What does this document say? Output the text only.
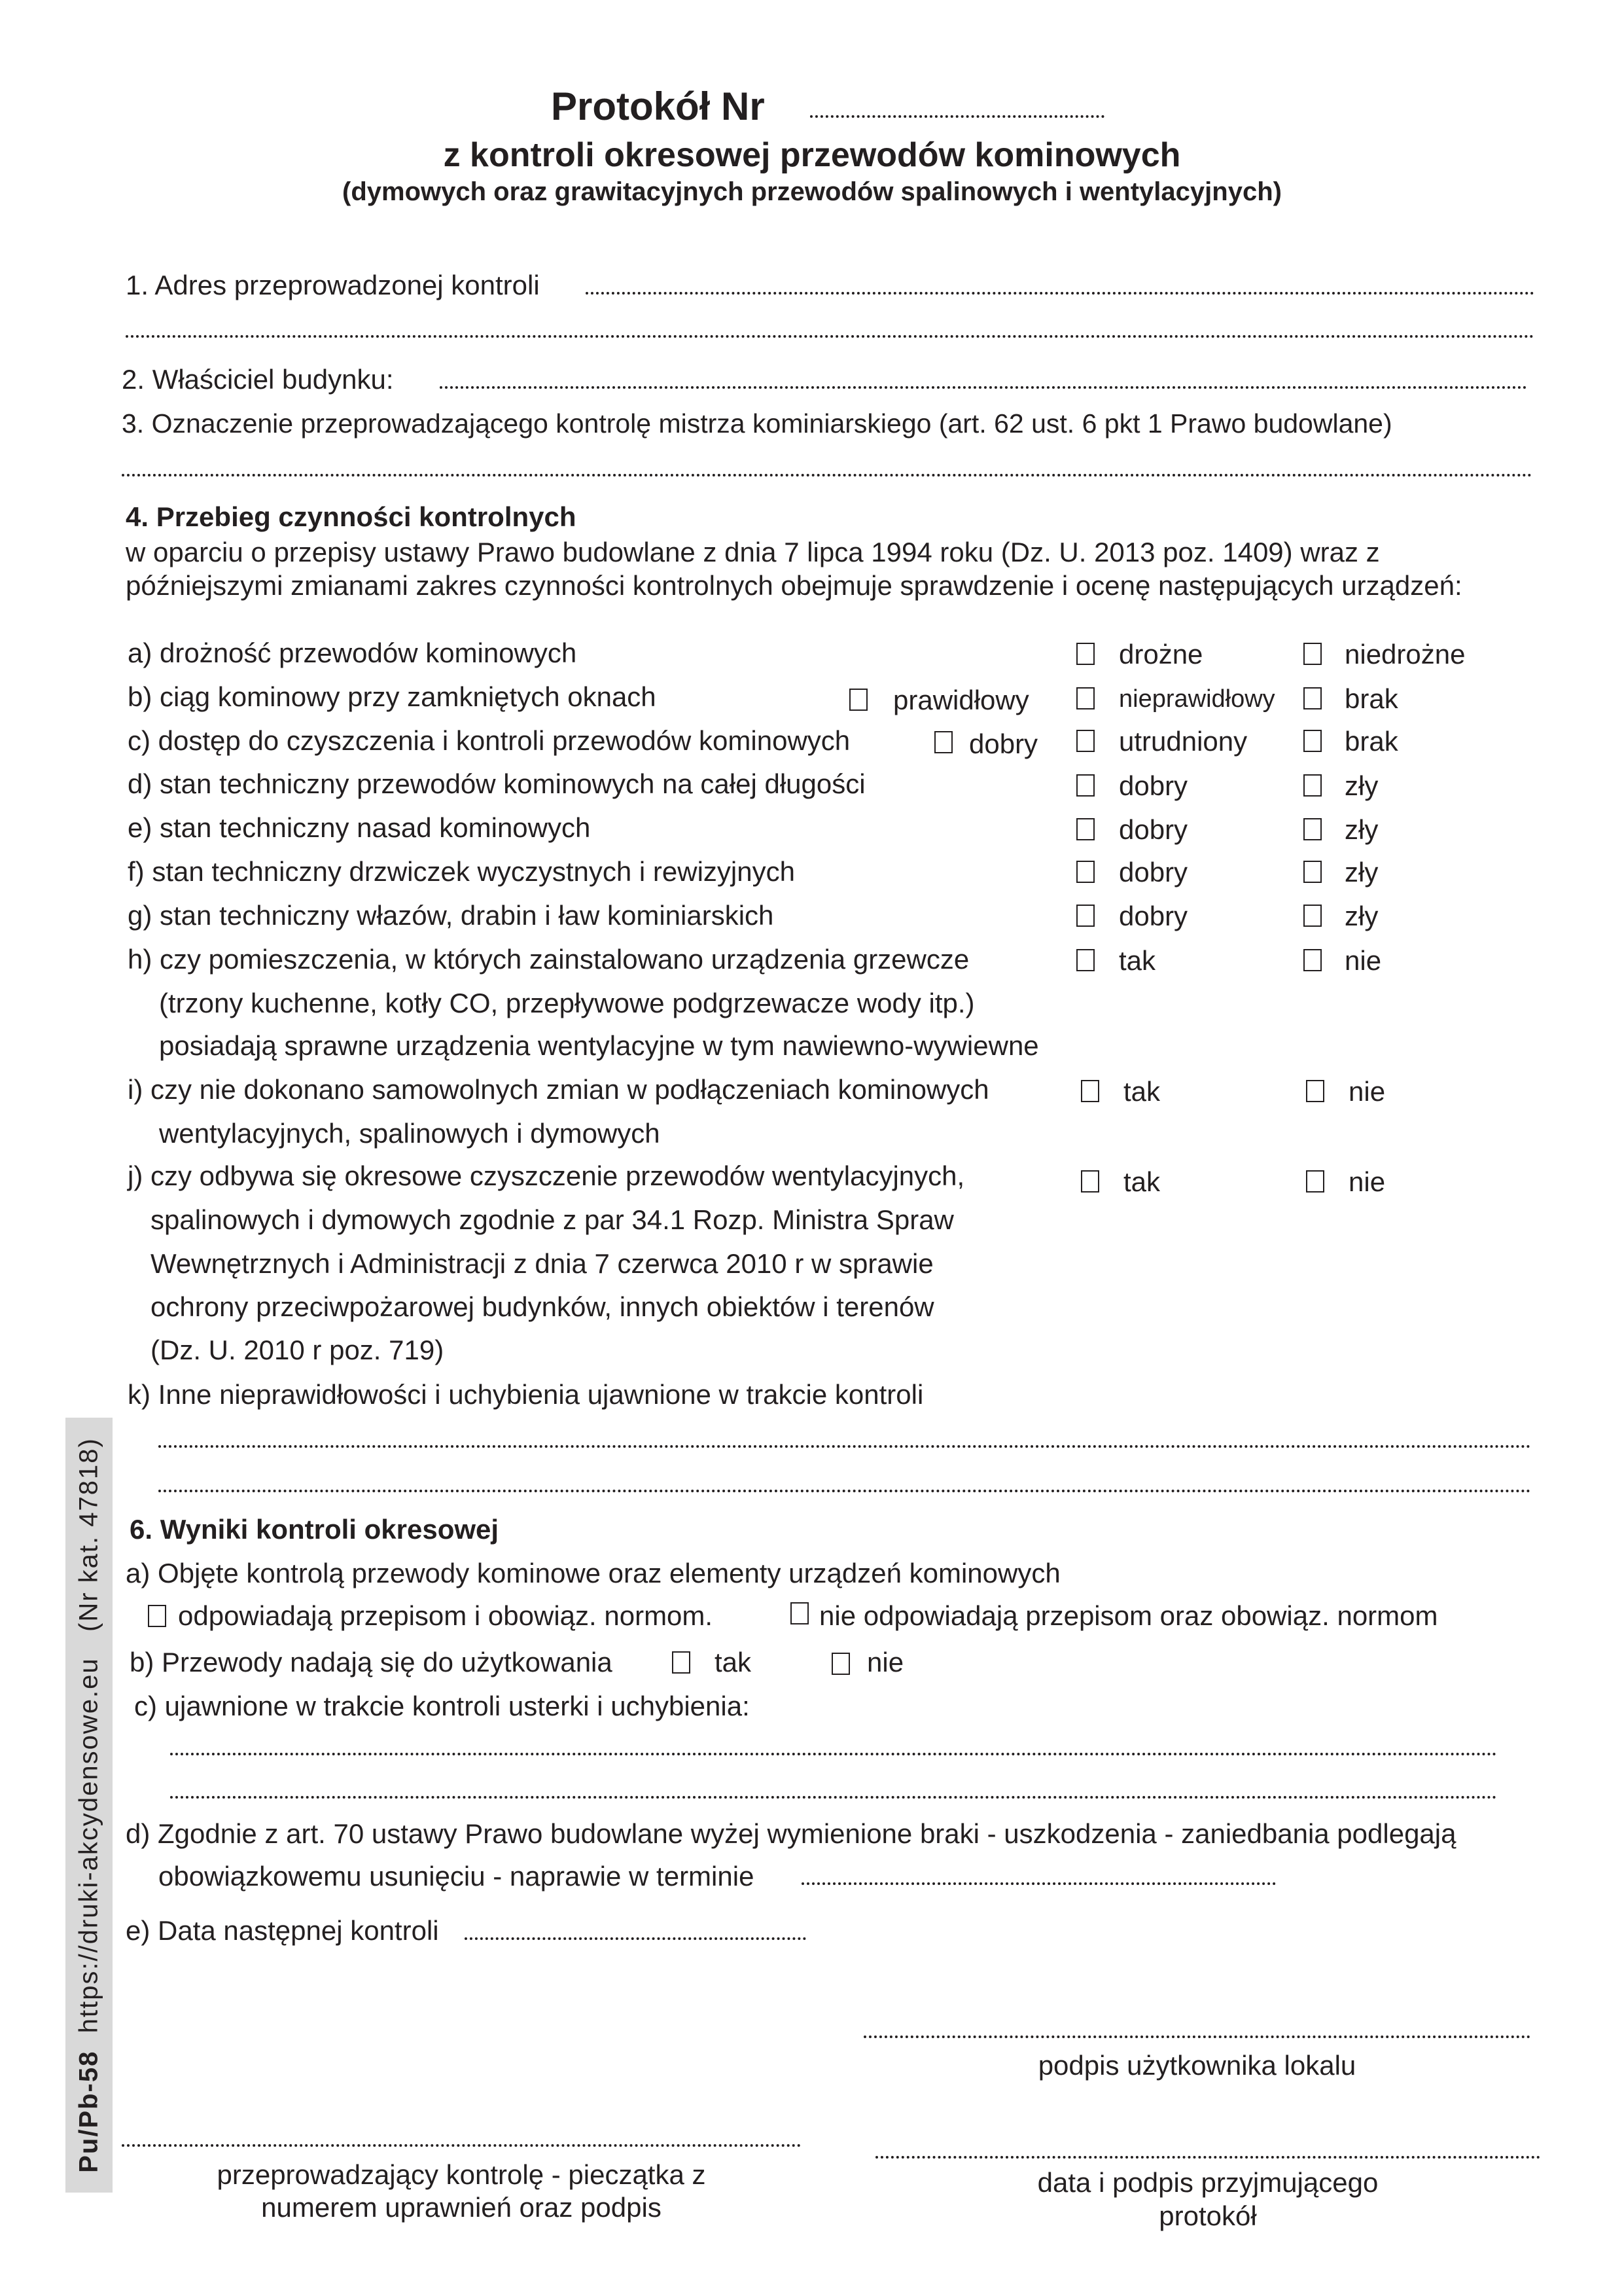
Protokół Nr
z kontroli okresowej przewodów kominowych
(dymowych oraz grawitacyjnych przewodów spalinowych i wentylacyjnych)
1. Adres przeprowadzonej kontroli
2. Właściciel budynku:
3. Oznaczenie przeprowadzającego kontrolę mistrza kominiarskiego (art. 62 ust. 6 pkt 1 Prawo budowlane)
4. Przebieg czynności kontrolnych
w oparciu o przepisy ustawy Prawo budowlane z dnia 7 lipca 1994 roku (Dz. U. 2013 poz. 1409) wraz z
późniejszymi zmianami zakres czynności kontrolnych obejmuje sprawdzenie i ocenę następujących urządzeń:
a) drożność przewodów kominowych	drożne	niedrożne
b) ciąg kominowy przy zamkniętych oknach	prawidłowy	nieprawidłowy	brak
c) dostęp do czyszczenia i kontroli przewodów kominowych	dobry	utrudniony	brak
d) stan techniczny przewodów kominowych na całej długości	dobry	zły
e) stan techniczny nasad kominowych	dobry	zły
f) stan techniczny drzwiczek wyczystnych i rewizyjnych	dobry	zły
g) stan techniczny włazów, drabin i ław kominiarskich	dobry	zły
h) czy pomieszczenia, w których zainstalowano urządzenia grzewcze
(trzony kuchenne, kotły CO, przepływowe podgrzewacze wody itp.)
posiadają sprawne urządzenia wentylacyjne w tym nawiewno-wywiewne
tak	nie
i) czy nie dokonano samowolnych zmian w podłączeniach kominowych
wentylacyjnych, spalinowych i dymowych
tak	nie
j) czy odbywa się okresowe czyszczenie przewodów wentylacyjnych,
spalinowych i dymowych zgodnie z par 34.1 Rozp. Ministra Spraw
Wewnętrznych i Administracji z dnia 7 czerwca 2010 r w sprawie
ochrony przeciwpożarowej budynków, innych obiektów i terenów
(Dz. U. 2010 r poz. 719)
tak	nie
k) Inne nieprawidłowości i uchybienia ujawnione w trakcie kontroli
6. Wyniki kontroli okresowej
a) Objęte kontrolą przewody kominowe oraz elementy urządzeń kominowych
odpowiadają przepisom i obowiąz. normom.	nie odpowiadają przepisom oraz obowiąz. normom
b) Przewody nadają się do użytkowania	tak	nie
c) ujawnione w trakcie kontroli usterki i uchybienia:
d) Zgodnie z art. 70 ustawy Prawo budowlane wyżej wymienione braki - uszkodzenia - zaniedbania podlegają
obowiązkowemu usunięciu - naprawie w terminie
e) Data następnej kontroli
podpis użytkownika lokalu
przeprowadzający kontrolę - pieczątka z
numerem uprawnień oraz podpis
data i podpis przyjmującego
protokół
Pu/Pb-58  https://druki-akcydensowe.eu   (Nr kat. 47818)
